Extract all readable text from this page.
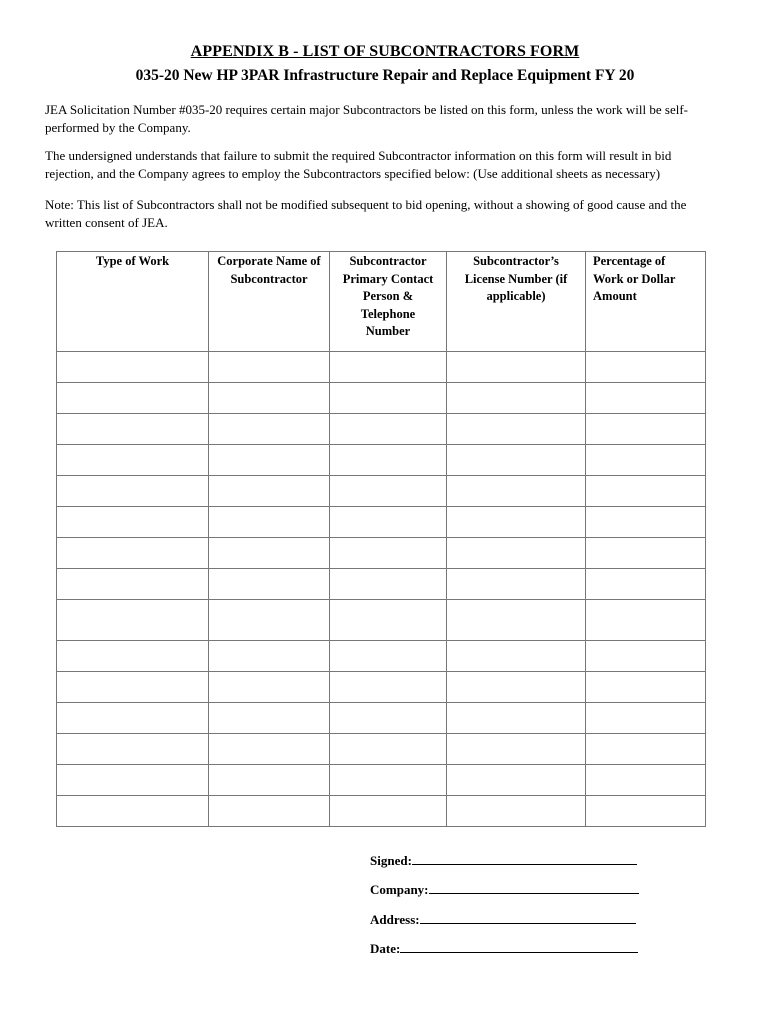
APPENDIX B - LIST OF SUBCONTRACTORS FORM
035-20 New HP 3PAR Infrastructure Repair and Replace Equipment FY 20
JEA Solicitation Number #035-20 requires certain major Subcontractors be listed on this form, unless the work will be self-performed by the Company.
The undersigned understands that failure to submit the required Subcontractor information on this form will result in bid rejection, and the Company agrees to employ the Subcontractors specified below: (Use additional sheets as necessary)
Note: This list of Subcontractors shall not be modified subsequent to bid opening, without a showing of good cause and the written consent of JEA.
Type of Work	Corporate Name of Subcontractor	Subcontractor Primary Contact Person & Telephone Number	Subcontractor’s License Number (if applicable)	Percentage of Work or Dollar Amount

Signed:
Company:
Address:
Date:
